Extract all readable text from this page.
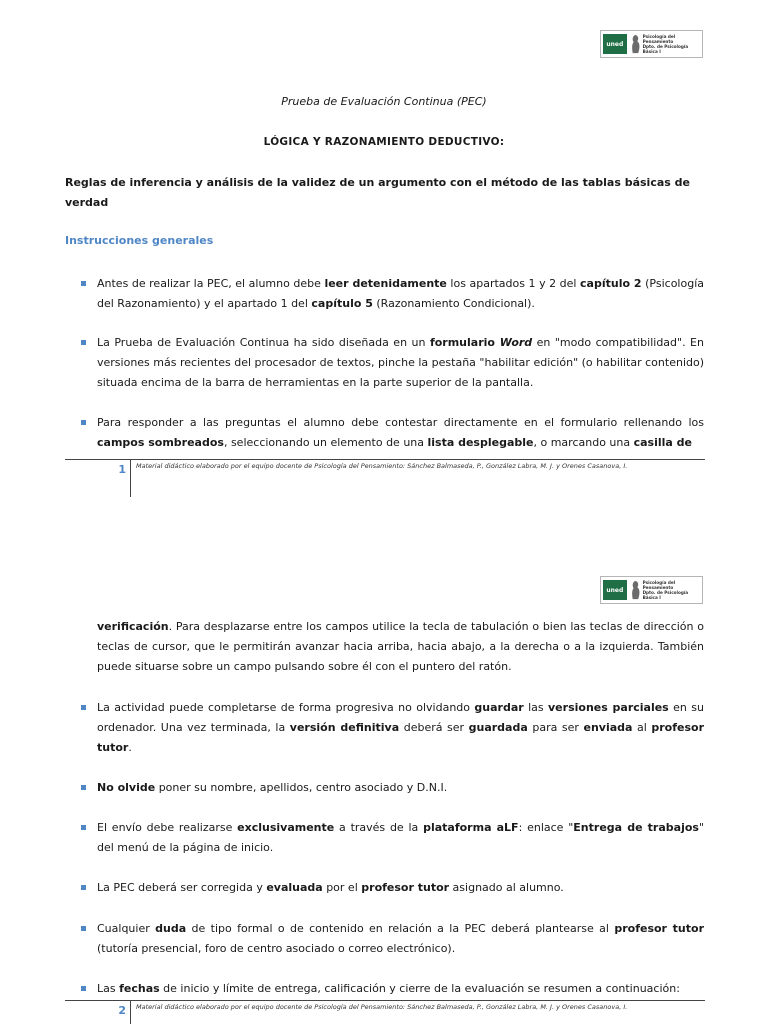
uned
Psicología del Pensamiento
Dpto. de Psicología Básica I
Prueba de Evaluación Continua (PEC)
LÓGICA Y RAZONAMIENTO DEDUCTIVO:
Reglas de inferencia y análisis de la validez de un argumento con el método de las tablas básicas de verdad
Instrucciones generales
Antes de realizar la PEC, el alumno debe leer detenidamente los apartados 1 y 2 del capítulo 2 (Psicología del Razonamiento) y el apartado 1 del capítulo 5 (Razonamiento Condicional).
La Prueba de Evaluación Continua ha sido diseñada en un formulario Word en "modo compatibilidad". En versiones más recientes del procesador de textos, pinche la pestaña "habilitar edición" (o habilitar contenido) situada encima de la barra de herramientas en la parte superior de la pantalla.
Para responder a las preguntas el alumno debe contestar directamente en el formulario rellenando los campos sombreados, seleccionando un elemento de una lista desplegable, o marcando una casilla de
1 Material didáctico elaborado por el equipo docente de Psicología del Pensamiento: Sánchez Balmaseda, P., González Labra, M. J. y Orenes Casanova, I.
uned
Psicología del Pensamiento
Dpto. de Psicología Básica I
verificación. Para desplazarse entre los campos utilice la tecla de tabulación o bien las teclas de dirección o teclas de cursor, que le permitirán avanzar hacia arriba, hacia abajo, a la derecha o a la izquierda. También puede situarse sobre un campo pulsando sobre él con el puntero del ratón.
La actividad puede completarse de forma progresiva no olvidando guardar las versiones parciales en su ordenador. Una vez terminada, la versión definitiva deberá ser guardada para ser enviada al profesor tutor.
No olvide poner su nombre, apellidos, centro asociado y D.N.I.
El envío debe realizarse exclusivamente a través de la plataforma aLF: enlace "Entrega de trabajos" del menú de la página de inicio.
La PEC deberá ser corregida y evaluada por el profesor tutor asignado al alumno.
Cualquier duda de tipo formal o de contenido en relación a la PEC deberá plantearse al profesor tutor (tutoría presencial, foro de centro asociado o correo electrónico).
Las fechas de inicio y límite de entrega, calificación y cierre de la evaluación se resumen a continuación:
2 Material didáctico elaborado por el equipo docente de Psicología del Pensamiento: Sánchez Balmaseda, P., González Labra, M. J. y Orenes Casanova, I.
